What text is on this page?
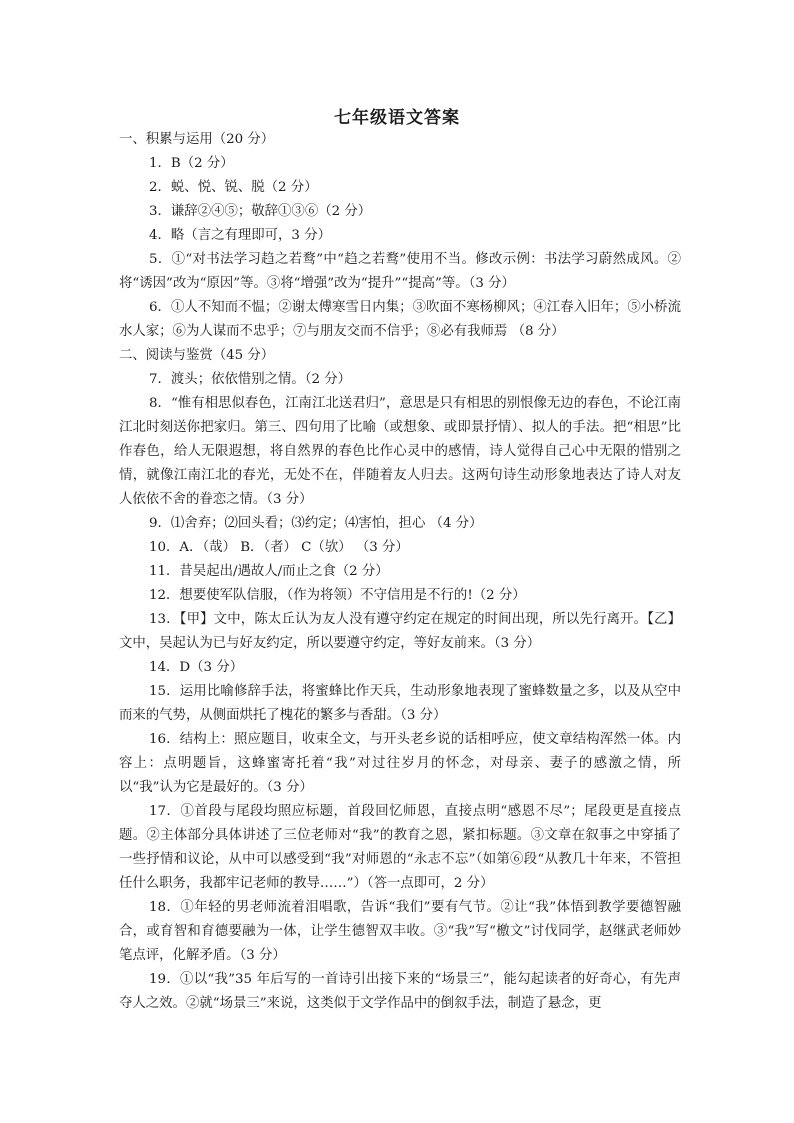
七年级语文答案

一、积累与运用（20 分）

1．B（2 分）

2．蜕、悦、锐、脱（2 分）

3．谦辞②④⑤；敬辞①③⑥（2 分）

4．略（言之有理即可，3 分）

5．①“对书法学习趋之若鹜”中“趋之若鹜”使用不当。修改示例：书法学习蔚然成风。②将“诱因”改为“原因”等。③将“增强”改为“提升”“提高”等。（3 分）

6．①人不知而不愠；②谢太傅寒雪日内集；③吹面不寒杨柳风；④江春入旧年；⑤小桥流水人家；⑥为人谋而不忠乎；⑦与朋友交而不信乎；⑧必有我师焉 （8 分）

二、阅读与鉴赏（45 分）

7．渡头；依依惜别之情。（2 分）

8．“惟有相思似春色，江南江北送君归”，意思是只有相思的别恨像无边的春色，不论江南江北时刻送你把家归。第三、四句用了比喻（或想象、或即景抒情）、拟人的手法。把“相思”比作春色，给人无限遐想，将自然界的春色比作心灵中的感情，诗人觉得自己心中无限的惜别之情，就像江南江北的春光，无处不在，伴随着友人归去。这两句诗生动形象地表达了诗人对友人依依不舍的眷恋之情。（3 分）

9．⑴舍弃；⑵回头看；⑶约定；⑷害怕，担心 （4 分）

10．A．（哉） B．（者） C（欤） （3 分）

11．昔吴起出/遇故人/而止之食（2 分）

12．想要使军队信服，（作为将领）不守信用是不行的!（2 分）

13．【甲】文中，陈太丘认为友人没有遵守约定在规定的时间出现，所以先行离开。【乙】文中，吴起认为已与好友约定，所以要遵守约定，等好友前来。（3 分）

14．D（3 分）

15．运用比喻修辞手法，将蜜蜂比作天兵，生动形象地表现了蜜蜂数量之多，以及从空中而来的气势，从侧面烘托了槐花的繁多与香甜。（3 分）

16．结构上：照应题目，收束全文，与开头老乡说的话相呼应，使文章结构浑然一体。内容上：点明题旨，这蜂蜜寄托着“我”对过往岁月的怀念，对母亲、妻子的感激之情，所以“我”认为它是最好的。（3 分）

17．①首段与尾段均照应标题，首段回忆师恩，直接点明“感恩不尽”；尾段更是直接点题。②主体部分具体讲述了三位老师对“我”的教育之恩，紧扣标题。③文章在叙事之中穿插了一些抒情和议论，从中可以感受到“我”对师恩的“永志不忘”（如第⑥段“从教几十年来，不管担任什么职务，我都牢记老师的教导……”）（答一点即可，2 分）

18．①年轻的男老师流着泪唱歌，告诉“我们”要有气节。②让“我”体悟到教学要德智融合，或育智和育德要融为一体，让学生德智双丰收。③“我”写“檄文”讨伐同学，赵继武老师妙笔点评，化解矛盾。（3 分）

19．①以“我”35 年后写的一首诗引出接下来的“场景三”，能勾起读者的好奇心，有先声夺人之效。②就“场景三”来说，这类似于文学作品中的倒叙手法，制造了悬念，更
